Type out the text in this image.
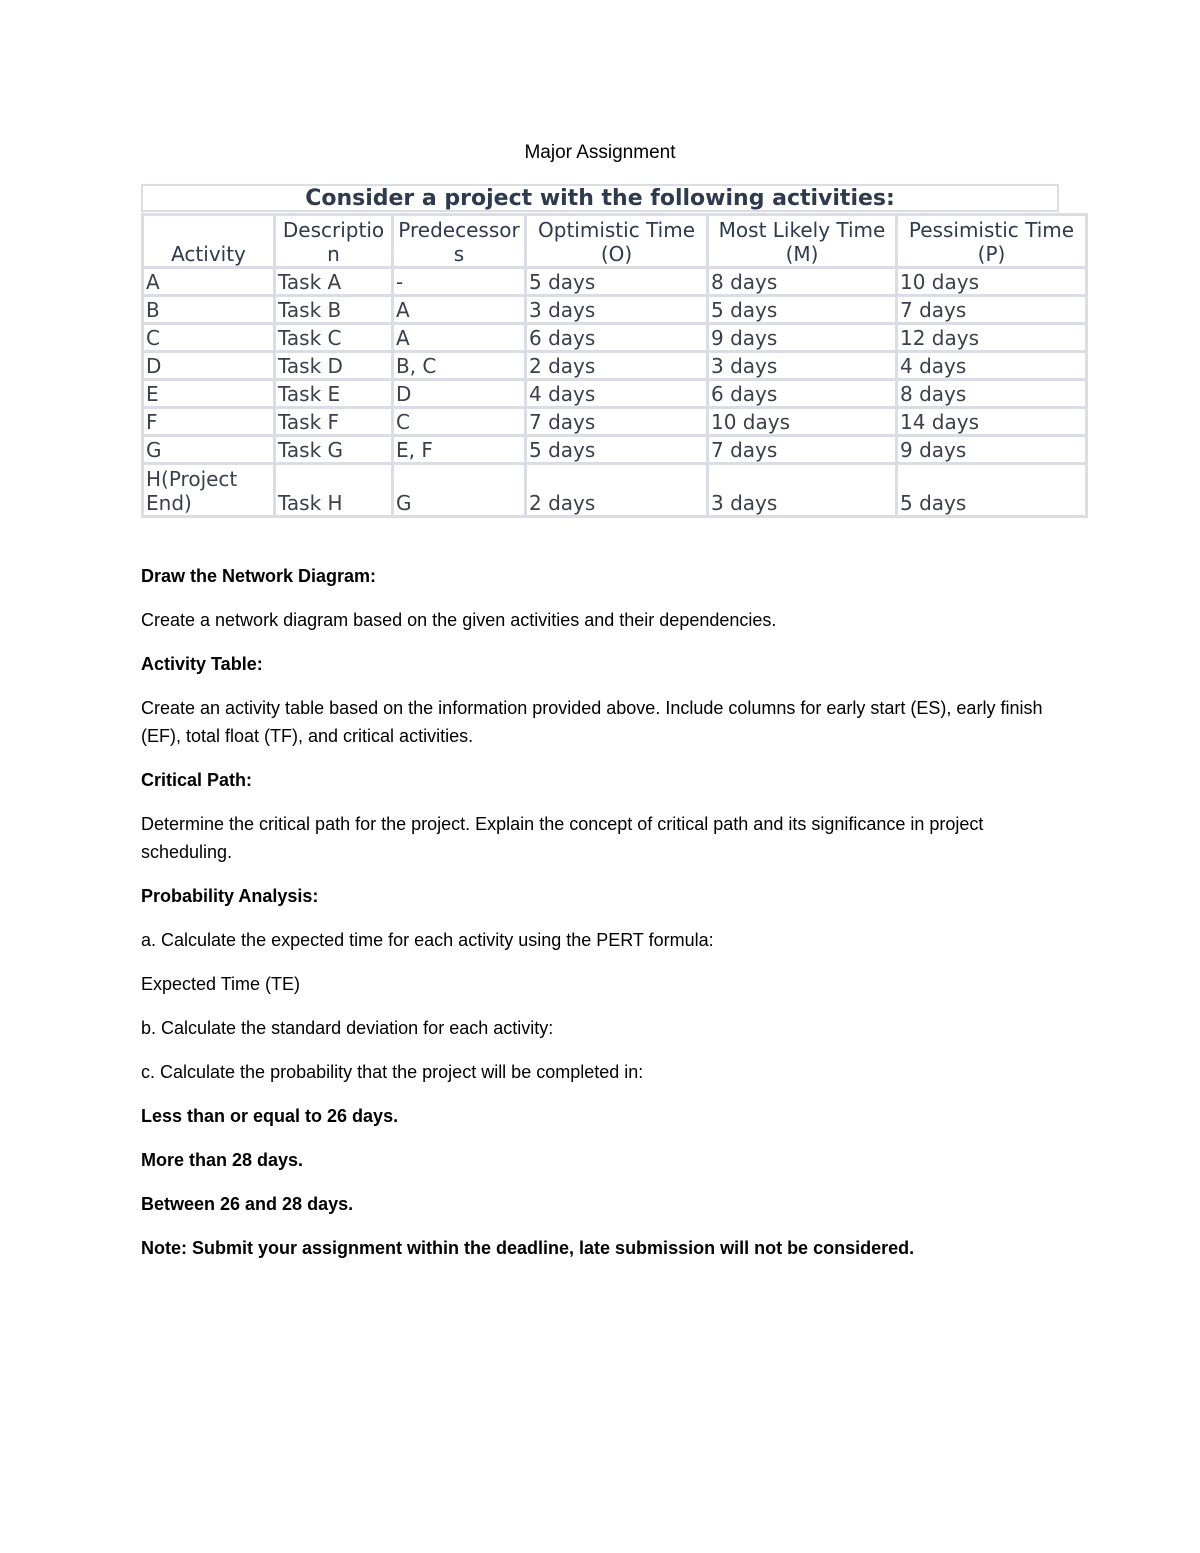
Major Assignment
Consider a project with the following activities:
Activity	Description	Predecessors	Optimistic Time (O)	Most Likely Time (M)	Pessimistic Time (P)
A	Task A	-	5 days	8 days	10 days
B	Task B	A	3 days	5 days	7 days
C	Task C	A	6 days	9 days	12 days
D	Task D	B, C	2 days	3 days	4 days
E	Task E	D	4 days	6 days	8 days
F	Task F	C	7 days	10 days	14 days
G	Task G	E, F	5 days	7 days	9 days
H(Project End)	Task H	G	2 days	3 days	5 days
Draw the Network Diagram:
Create a network diagram based on the given activities and their dependencies.
Activity Table:
Create an activity table based on the information provided above. Include columns for early start (ES), early finish (EF), total float (TF), and critical activities.
Critical Path:
Determine the critical path for the project. Explain the concept of critical path and its significance in project scheduling.
Probability Analysis:
a. Calculate the expected time for each activity using the PERT formula:
Expected Time (TE)
b. Calculate the standard deviation for each activity:
c. Calculate the probability that the project will be completed in:
Less than or equal to 26 days.
More than 28 days.
Between 26 and 28 days.
Note: Submit your assignment within the deadline, late submission will not be considered.
